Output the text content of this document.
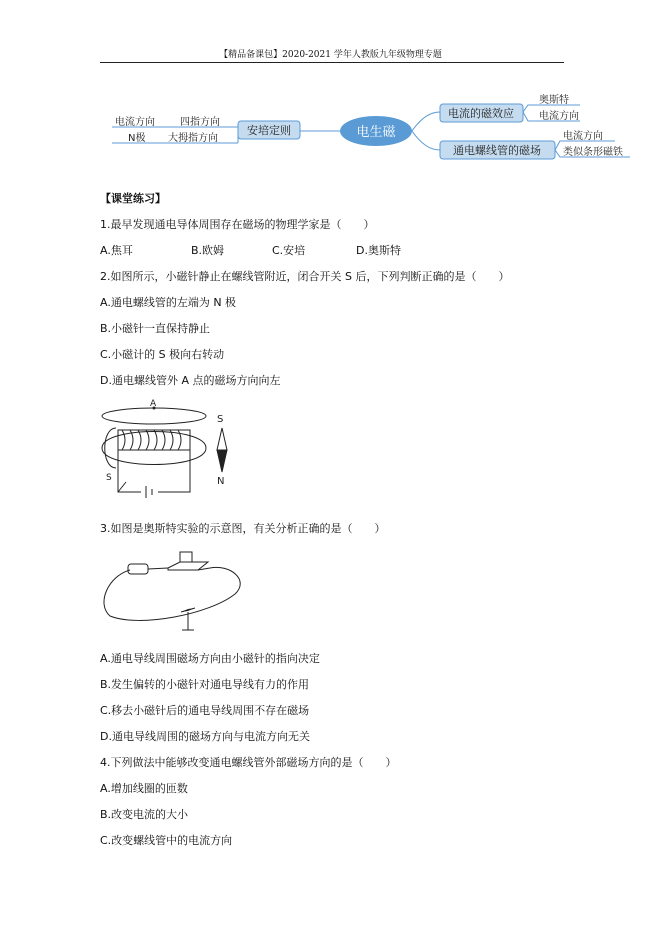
【精品备课包】2020-2021 学年人教版九年级物理专题
安培定则
电流方向	四指方向
N极 大拇指方向	电生磁
电流的磁效应
奥斯特
电流方向
通电螺线管的磁场
电流方向
类似条形磁铁
【课堂练习】
1.最早发现通电导体周围存在磁场的物理学家是（　　）
A.焦耳	B.欧姆	C.安培	D.奥斯特
2.如图所示，小磁针静止在螺线管附近，闭合开关 S 后，下列判断正确的是（　　）
A.通电螺线管的左端为 N 极
B.小磁针一直保持静止
C.小磁计的 S 极向右转动
D.通电螺线管外 A 点的磁场方向向左
A
S
S
N
3.如图是奥斯特实验的示意图，有关分析正确的是（　　）
A.通电导线周围磁场方向由小磁针的指向决定
B.发生偏转的小磁针对通电导线有力的作用
C.移去小磁针后的通电导线周围不存在磁场
D.通电导线周围的磁场方向与电流方向无关
4.下列做法中能够改变通电螺线管外部磁场方向的是（　　）
A.增加线圈的匝数
B.改变电流的大小
C.改变螺线管中的电流方向
